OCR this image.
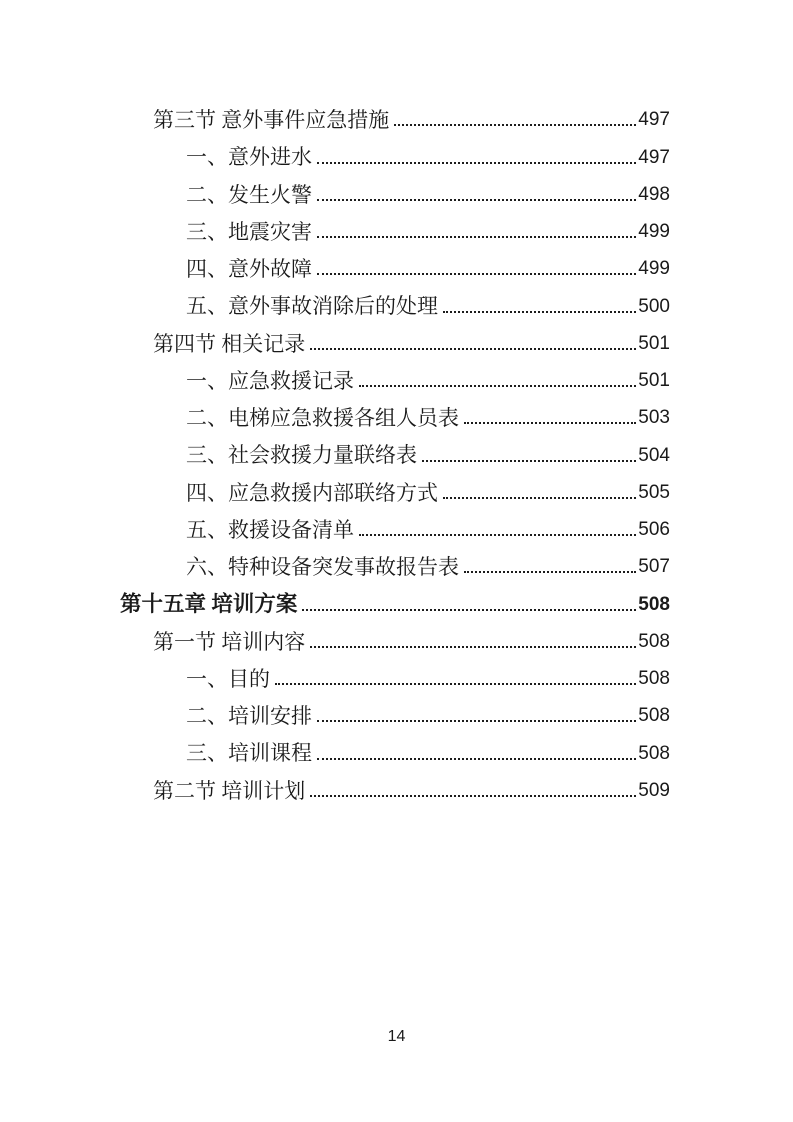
第三节 意外事件应急措施	497
一、意外进水	497
二、发生火警	498
三、地震灾害	499
四、意外故障	499
五、意外事故消除后的处理	500
第四节 相关记录	501
一、应急救援记录	501
二、电梯应急救援各组人员表	503
三、社会救援力量联络表	504
四、应急救援内部联络方式	505
五、救援设备清单	506
六、特种设备突发事故报告表	507
第十五章 培训方案	508
第一节 培训内容	508
一、目的	508
二、培训安排	508
三、培训课程	508
第二节 培训计划	509
14
